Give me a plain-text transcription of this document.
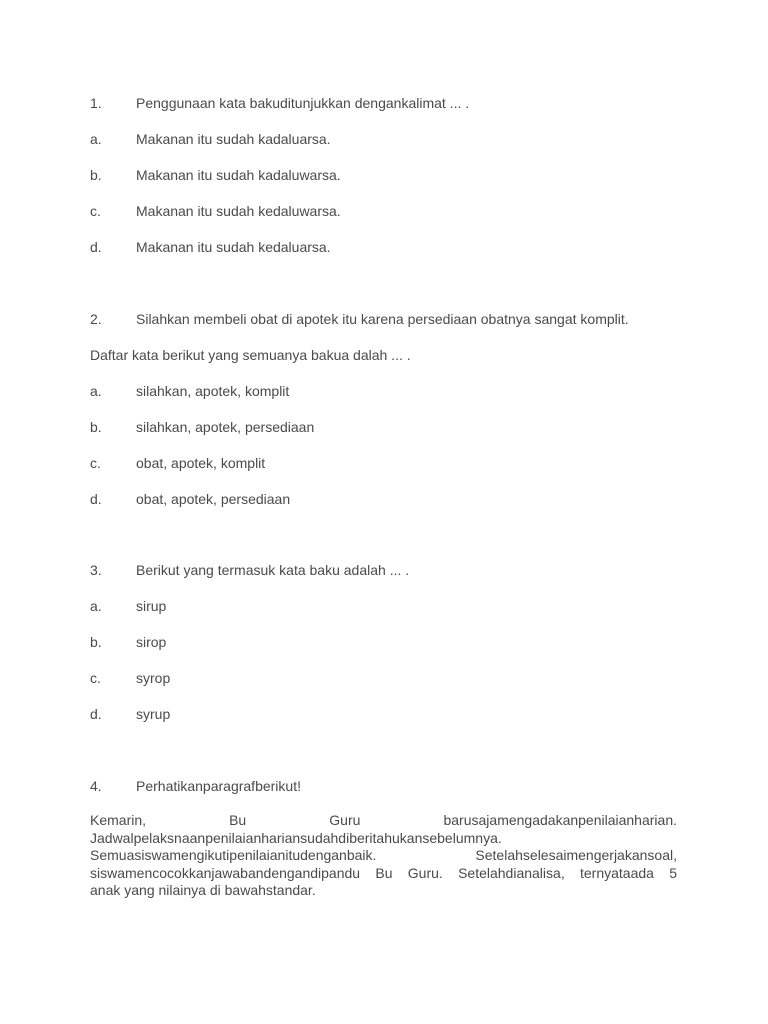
1. Penggunaan kata bakuditunjukkan dengankalimat ... .
a. Makanan itu sudah kadaluarsa.
b. Makanan itu sudah kadaluwarsa.
c.	Makanan itu sudah kedaluwarsa.
d. Makanan itu sudah kedaluarsa.
2. Silahkan membeli obat di apotek itu karena persediaan obatnya sangat komplit.
Daftar kata berikut yang semuanya bakua dalah ... .
a. silahkan, apotek, komplit
b. silahkan, apotek, persediaan
c.	obat, apotek, komplit
d. obat, apotek, persediaan
3. Berikut yang termasuk kata baku adalah ... .
a. sirup
b. sirop
c.	syrop
d. syrup
4. Perhatikanparagrafberikut!
Kemarin, Bu Guru barusajamengadakanpenilaianharian.
Jadwalpelaksnaanpenilaianhariansudahdiberitahukansebelumnya.
Semuasiswamengikutipenilaianitudenganbaik. Setelahselesaimengerjakansoal,
siswamencocokkanjawabandengandipandu Bu Guru. Setelahdianalisa, ternyataada 5
anak yang nilainya di bawahstandar.
